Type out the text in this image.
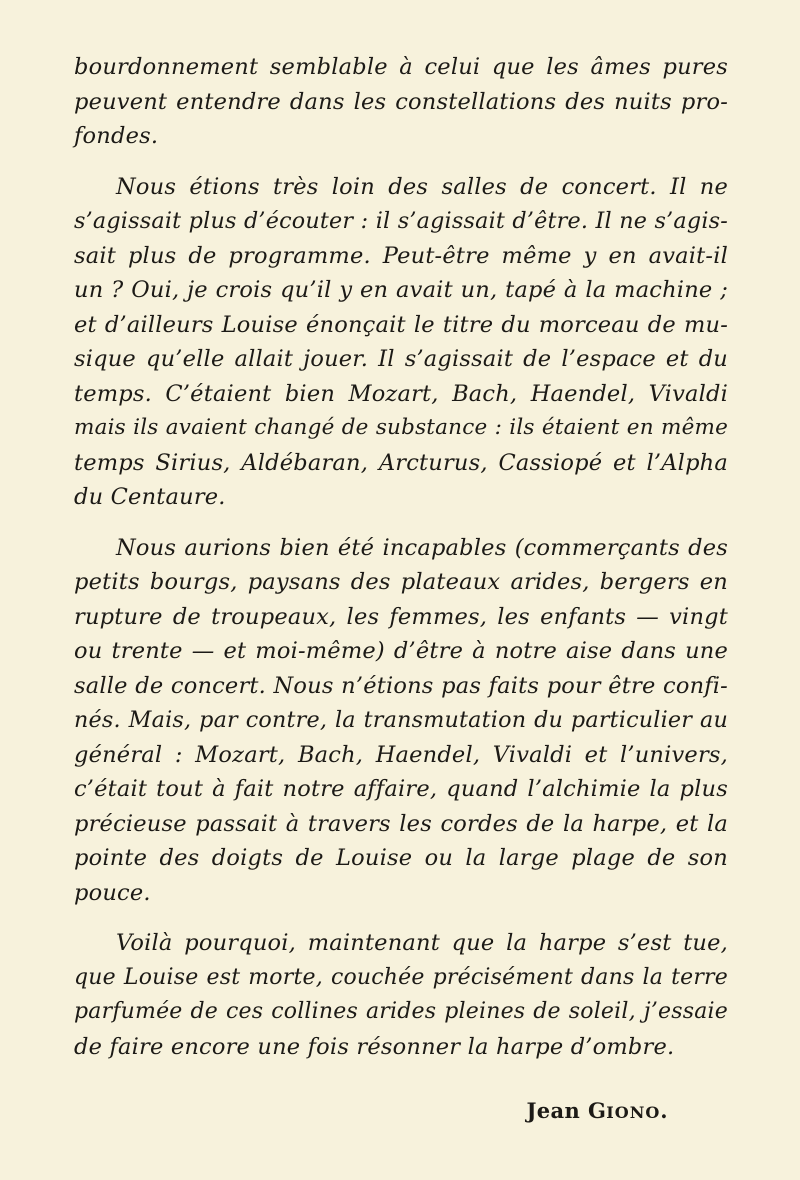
bourdonnement semblable à celui que les âmes pures
peuvent entendre dans les constellations des nuits pro-
fondes.

Nous étions très loin des salles de concert. Il ne
s’agissait plus d’écouter : il s’agissait d’être. Il ne s’agis-
sait plus de programme. Peut-être même y en avait-il
un ? Oui, je crois qu’il y en avait un, tapé à la machine ;
et d’ailleurs Louise énonçait le titre du morceau de mu-
sique qu’elle allait jouer. Il s’agissait de l’espace et du
temps. C’étaient bien Mozart, Bach, Haendel, Vivaldi
mais ils avaient changé de substance : ils étaient en même
temps Sirius, Aldébaran, Arcturus, Cassiopé et l’Alpha
du Centaure.

Nous aurions bien été incapables (commerçants des
petits bourgs, paysans des plateaux arides, bergers en
rupture de troupeaux, les femmes, les enfants — vingt
ou trente — et moi-même) d’être à notre aise dans une
salle de concert. Nous n’étions pas faits pour être confi-
nés. Mais, par contre, la transmutation du particulier au
général : Mozart, Bach, Haendel, Vivaldi et l’univers,
c’était tout à fait notre affaire, quand l’alchimie la plus
précieuse passait à travers les cordes de la harpe, et la
pointe des doigts de Louise ou la large plage de son
pouce.

Voilà pourquoi, maintenant que la harpe s’est tue,
que Louise est morte, couchée précisément dans la terre
parfumée de ces collines arides pleines de soleil, j’essaie
de faire encore une fois résonner la harpe d’ombre.

Jean GIONO.
